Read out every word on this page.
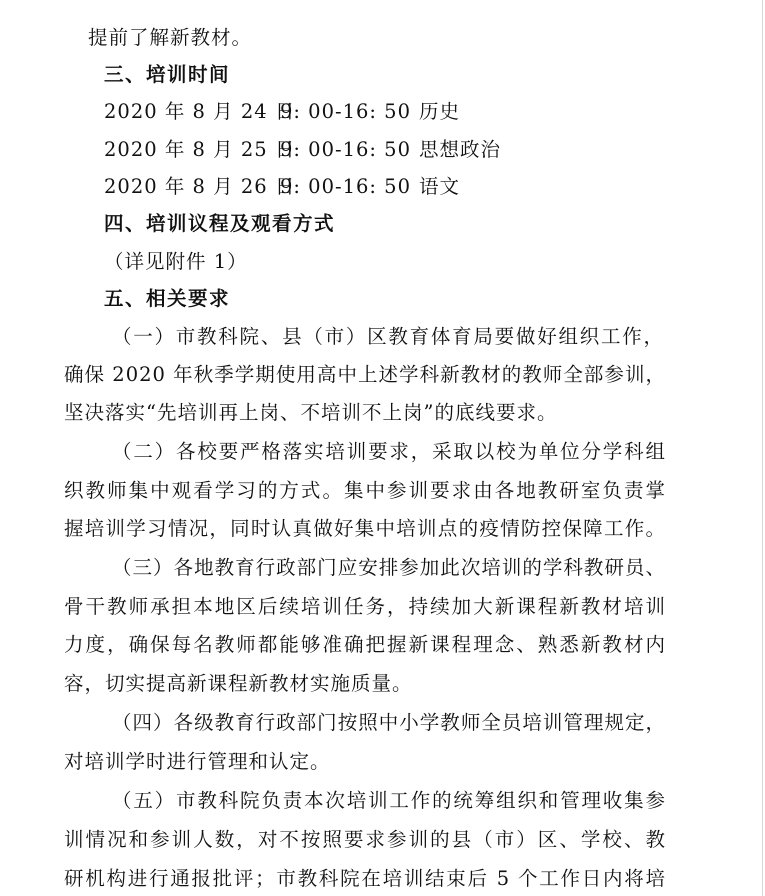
提前了解新教材。
三、培训时间
2020 年 8 月 24 日
9: 00-16: 50 历史
2020 年 8 月 25 日
9: 00-16: 50 思想政治
2020 年 8 月 26 日
9: 00-16: 50 语文
四、培训议程及观看方式
（详见附件 1）
五、相关要求
（一）市教科院、县（市）区教育体育局要做好组织工作，
确保 2020 年秋季学期使用高中上述学科新教材的教师全部参训，
坚决落实“先培训再上岗、不培训不上岗”的底线要求。
（二）各校要严格落实培训要求，采取以校为单位分学科组
织教师集中观看学习的方式。集中参训要求由各地教研室负责掌
握培训学习情况，同时认真做好集中培训点的疫情防控保障工作。
（三）各地教育行政部门应安排参加此次培训的学科教研员、
骨干教师承担本地区后续培训任务，持续加大新课程新教材培训
力度，确保每名教师都能够准确把握新课程理念、熟悉新教材内
容，切实提高新课程新教材实施质量。
（四）各级教育行政部门按照中小学教师全员培训管理规定，
对培训学时进行管理和认定。
（五）市教科院负责本次培训工作的统筹组织和管理收集参
训情况和参训人数，对不按照要求参训的县（市）区、学校、教
研机构进行通报批评；市教科院在培训结束后 5 个工作日内将培
